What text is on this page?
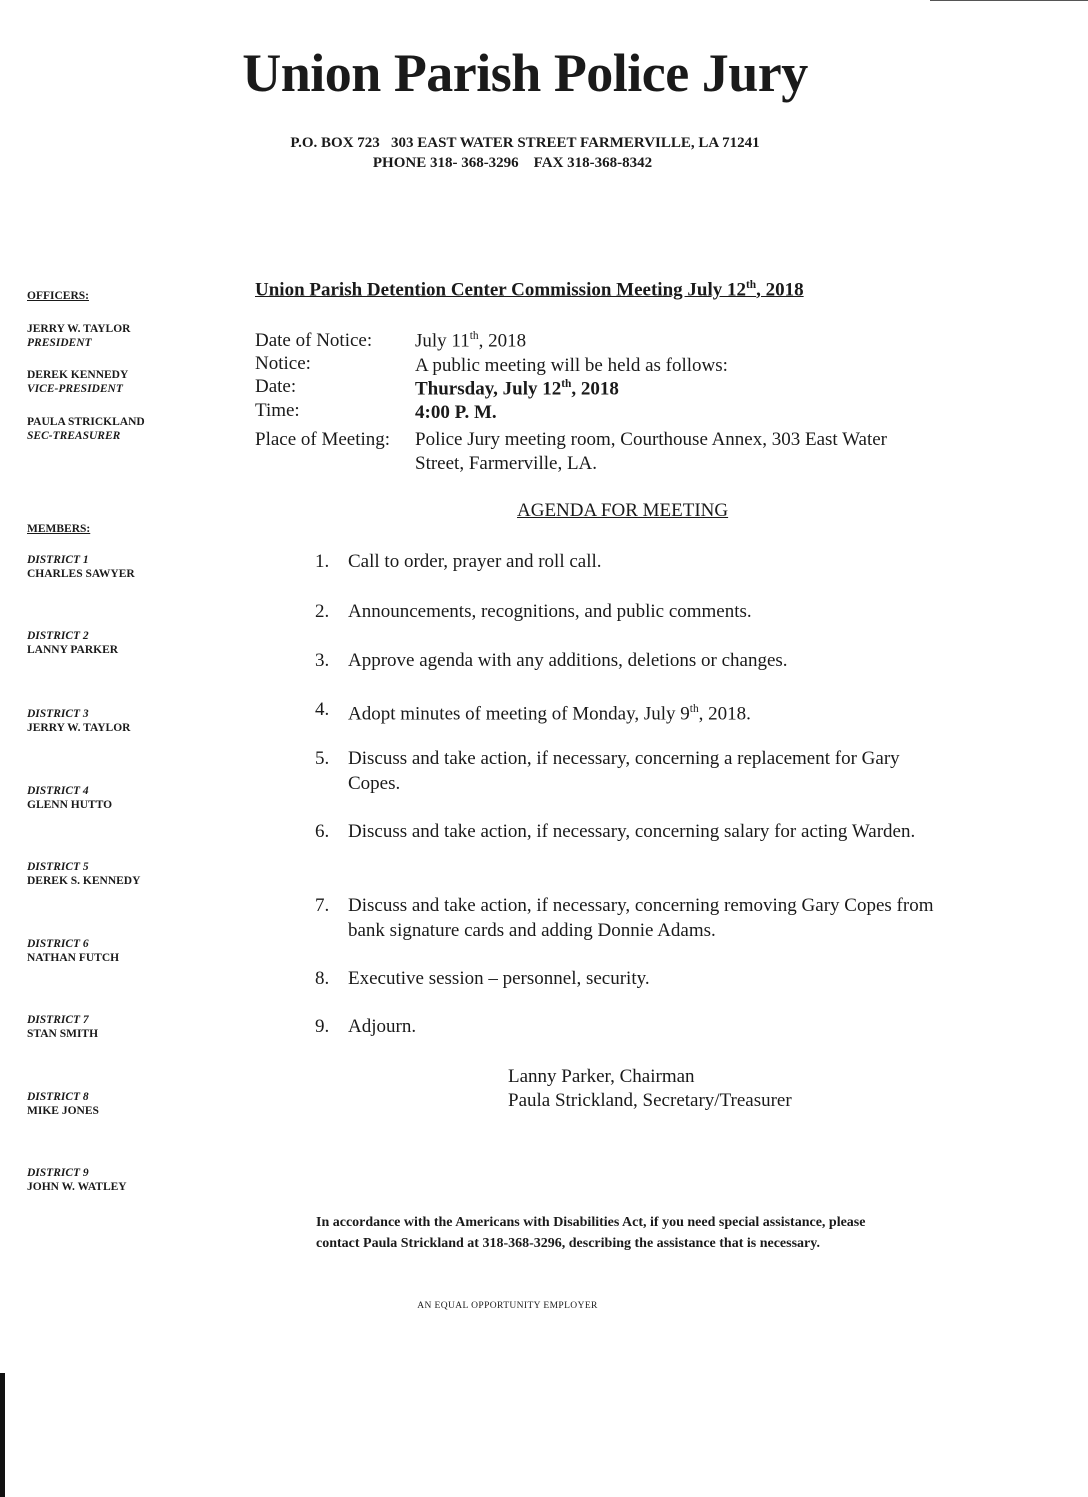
Union Parish Police Jury
P.O. BOX 723   303 EAST WATER STREET FARMERVILLE, LA 71241
PHONE 318- 368-3296    FAX 318-368-8342
OFFICERS:
JERRY W. TAYLOR
PRESIDENT
DEREK KENNEDY
VICE-PRESIDENT
PAULA STRICKLAND
SEC-TREASURER
MEMBERS:
DISTRICT 1
CHARLES SAWYER
DISTRICT 2
LANNY PARKER
DISTRICT 3
JERRY W. TAYLOR
DISTRICT 4
GLENN HUTTO
DISTRICT 5
DEREK S. KENNEDY
DISTRICT 6
NATHAN FUTCH
DISTRICT 7
STAN SMITH
DISTRICT 8
MIKE JONES
DISTRICT 9
JOHN W. WATLEY
Union Parish Detention Center Commission Meeting July 12th, 2018
Date of Notice: July 11th, 2018
Notice:	A public meeting will be held as follows:
Date:	Thursday, July 12th, 2018
Time:	4:00 P. M.
Place of Meeting: Police Jury meeting room, Courthouse Annex, 303 East Water
Street, Farmerville, LA.
AGENDA FOR MEETING
1. Call to order, prayer and roll call.
2. Announcements, recognitions, and public comments.
3. Approve agenda with any additions, deletions or changes.
4. Adopt minutes of meeting of Monday, July 9th, 2018.
5. Discuss and take action, if necessary, concerning a replacement for Gary Copes.
6. Discuss and take action, if necessary, concerning salary for acting Warden.
7. Discuss and take action, if necessary, concerning removing Gary Copes from bank signature cards and adding Donnie Adams.
8. Executive session – personnel, security.
9. Adjourn.
Lanny Parker, Chairman
Paula Strickland, Secretary/Treasurer
In accordance with the Americans with Disabilities Act, if you need special assistance, please contact Paula Strickland at 318-368-3296, describing the assistance that is necessary.
AN EQUAL OPPORTUNITY EMPLOYER
